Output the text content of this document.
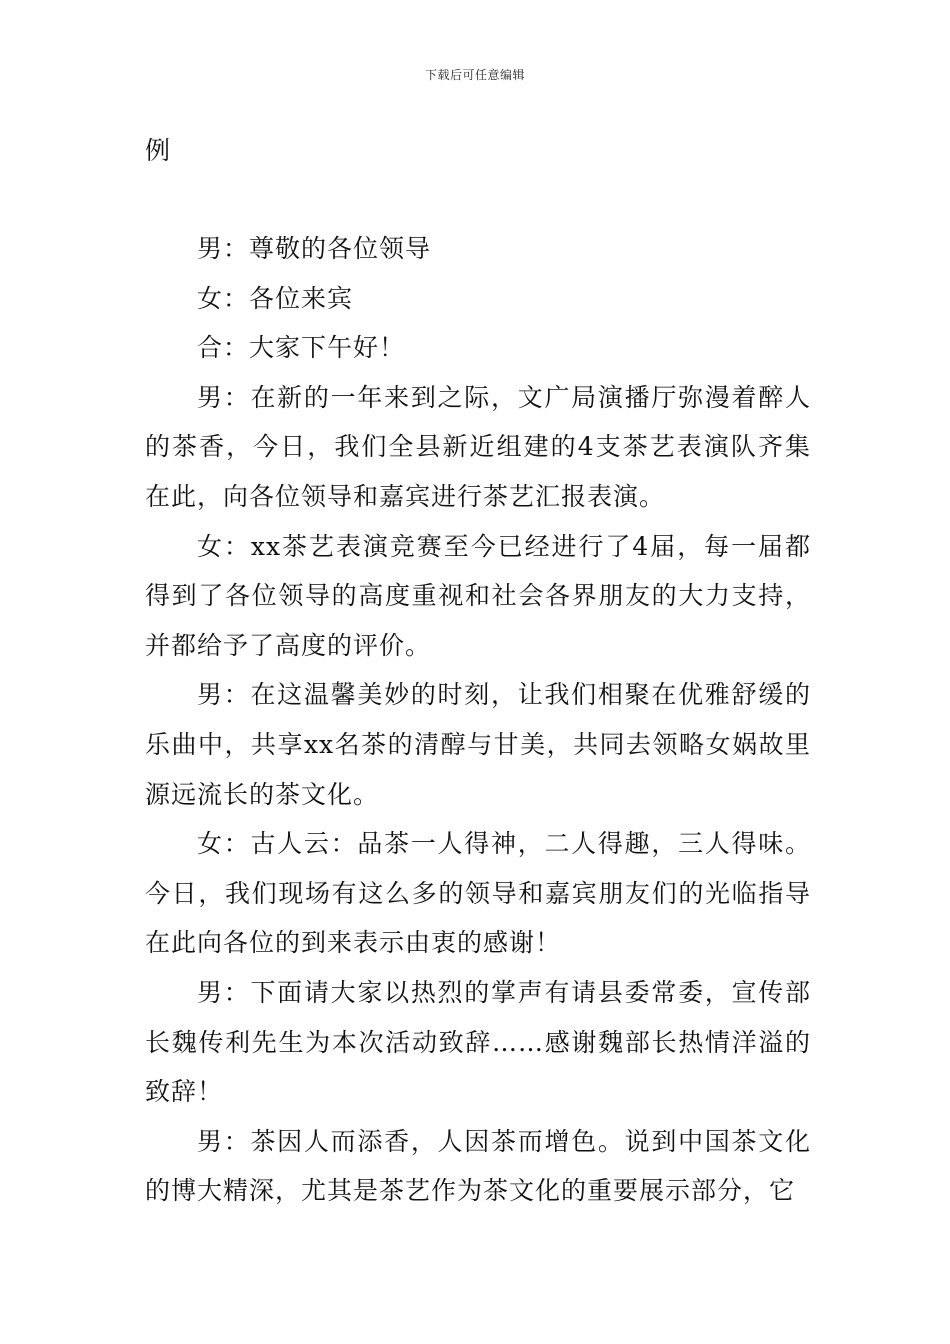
下载后可任意编辑
例

男：尊敬的各位领导

女：各位来宾

合：大家下午好！

男：在新的一年来到之际，文广局演播厅弥漫着醉人的茶香，今日，我们全县新近组建的4支茶艺表演队齐集在此，向各位领导和嘉宾进行茶艺汇报表演。

女：xx茶艺表演竞赛至今已经进行了4届，每一届都得到了各位领导的高度重视和社会各界朋友的大力支持，并都给予了高度的评价。

男：在这温馨美妙的时刻，让我们相聚在优雅舒缓的乐曲中，共享xx名茶的清醇与甘美，共同去领略女娲故里源远流长的茶文化。

女：古人云：品茶一人得神，二人得趣，三人得味。今日，我们现场有这么多的领导和嘉宾朋友们的光临指导在此向各位的到来表示由衷的感谢！

男：下面请大家以热烈的掌声有请县委常委，宣传部长魏传利先生为本次活动致辞……感谢魏部长热情洋溢的致辞！

男：茶因人而添香，人因茶而增色。说到中国茶文化的博大精深，尤其是茶艺作为茶文化的重要展示部分，它
